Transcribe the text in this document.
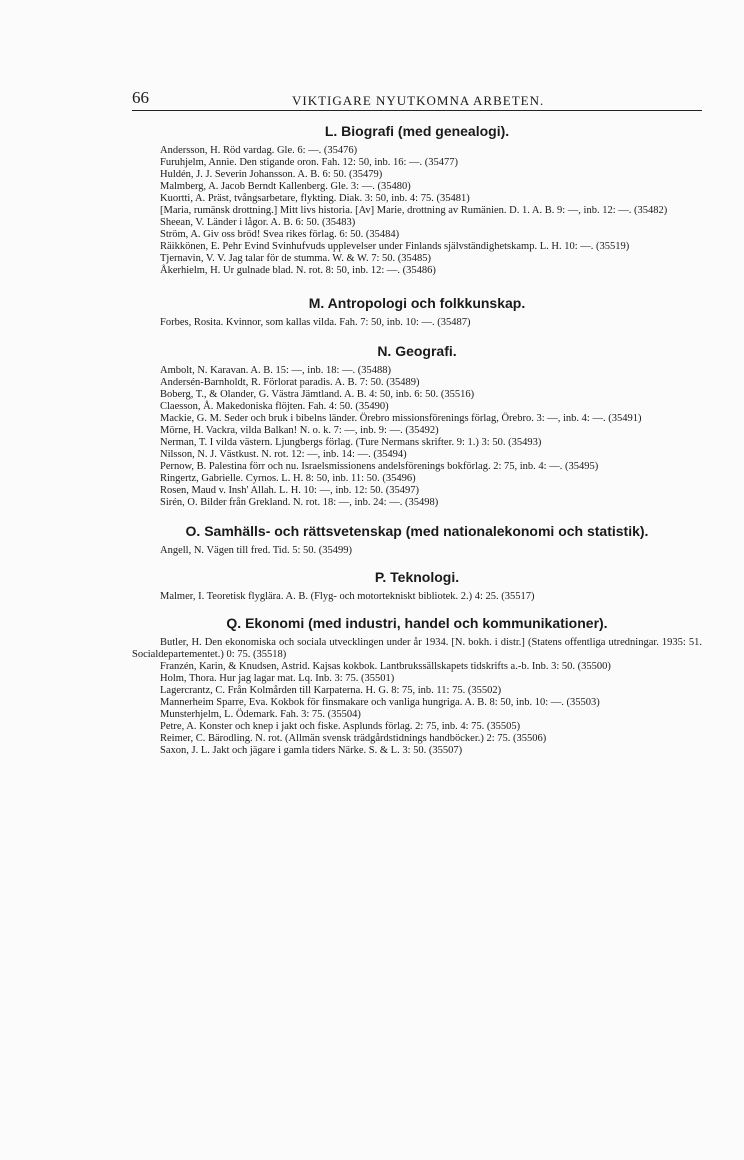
66	VIKTIGARE NYUTKOMNA ARBETEN.
L. Biografi (med genealogi).

Andersson, H. Röd vardag. Gle. 6: —. (35476)

Furuhjelm, Annie. Den stigande oron. Fah. 12: 50, inb. 16: —. (35477)

Huldén, J. J. Severin Johansson. A. B. 6: 50. (35479)

Malmberg, A. Jacob Berndt Kallenberg. Gle. 3: —. (35480)

Kuortti, A. Präst, tvångsarbetare, flykting. Diak. 3: 50, inb. 4: 75. (35481)

[Maria, rumänsk drottning.] Mitt livs historia. [Av] Marie, drottning av Rumänien. D. 1. A. B. 9: —, inb. 12: —. (35482)

Sheean, V. Länder i lågor. A. B. 6: 50. (35483)

Ström, A. Giv oss bröd! Svea rikes förlag. 6: 50. (35484)

Räikkönen, E. Pehr Evind Svinhufvuds upplevelser under Finlands självständighetskamp. L. H. 10: —. (35519)

Tjernavin, V. V. Jag talar för de stumma. W. & W. 7: 50. (35485)

Åkerhielm, H. Ur gulnade blad. N. rot. 8: 50, inb. 12: —. (35486)

M. Antropologi och folkkunskap.

Forbes, Rosita. Kvinnor, som kallas vilda. Fah. 7: 50, inb. 10: —. (35487)

N. Geografi.

Ambolt, N. Karavan. A. B. 15: —, inb. 18: —. (35488)

Andersén-Barnholdt, R. Förlorat paradis. A. B. 7: 50. (35489)

Boberg, T., & Olander, G. Västra Jämtland. A. B. 4: 50, inb. 6: 50. (35516)

Claesson, Å. Makedoniska flöjten. Fah. 4: 50. (35490)

Mackie, G. M. Seder och bruk i bibelns länder. Örebro missionsförenings förlag, Örebro. 3: —, inb. 4: —. (35491)

Mörne, H. Vackra, vilda Balkan! N. o. k. 7: —, inb. 9: —. (35492)

Nerman, T. I vilda västern. Ljungbergs förlag. (Ture Nermans skrifter. 9: 1.) 3: 50. (35493)

Nilsson, N. J. Västkust. N. rot. 12: —, inb. 14: —. (35494)

Pernow, B. Palestina förr och nu. Israelsmissionens andelsförenings bokförlag. 2: 75, inb. 4: —. (35495)

Ringertz, Gabrielle. Cyrnos. L. H. 8: 50, inb. 11: 50. (35496)

Rosen, Maud v. Insh' Allah. L. H. 10: —, inb. 12: 50. (35497)

Sirén, O. Bilder från Grekland. N. rot. 18: —, inb. 24: —. (35498)

O. Samhälls- och rättsvetenskap (med nationalekonomi och statistik).

Angell, N. Vägen till fred. Tid. 5: 50. (35499)

P. Teknologi.

Malmer, I. Teoretisk flyglära. A. B. (Flyg- och motortekniskt bibliotek. 2.) 4: 25. (35517)

Q. Ekonomi (med industri, handel och kommunikationer).

Butler, H. Den ekonomiska och sociala utvecklingen under år 1934. [N. bokh. i distr.] (Statens offentliga utredningar. 1935: 51. Socialdepartementet.) 0: 75. (35518)

Franzén, Karin, & Knudsen, Astrid. Kajsas kokbok. Lantbrukssällskapets tidskrifts a.-b. Inb. 3: 50. (35500)

Holm, Thora. Hur jag lagar mat. Lq. Inb. 3: 75. (35501)

Lagercrantz, C. Från Kolmården till Karpaterna. H. G. 8: 75, inb. 11: 75. (35502)

Mannerheim Sparre, Eva. Kokbok för finsmakare och vanliga hungriga. A. B. 8: 50, inb. 10: —. (35503)

Munsterhjelm, L. Ödemark. Fah. 3: 75. (35504)

Petre, A. Konster och knep i jakt och fiske. Asplunds förlag. 2: 75, inb. 4: 75. (35505)

Reimer, C. Bärodling. N. rot. (Allmän svensk trädgårdstidnings handböcker.) 2: 75. (35506)

Saxon, J. L. Jakt och jägare i gamla tiders Närke. S. & L. 3: 50. (35507)
